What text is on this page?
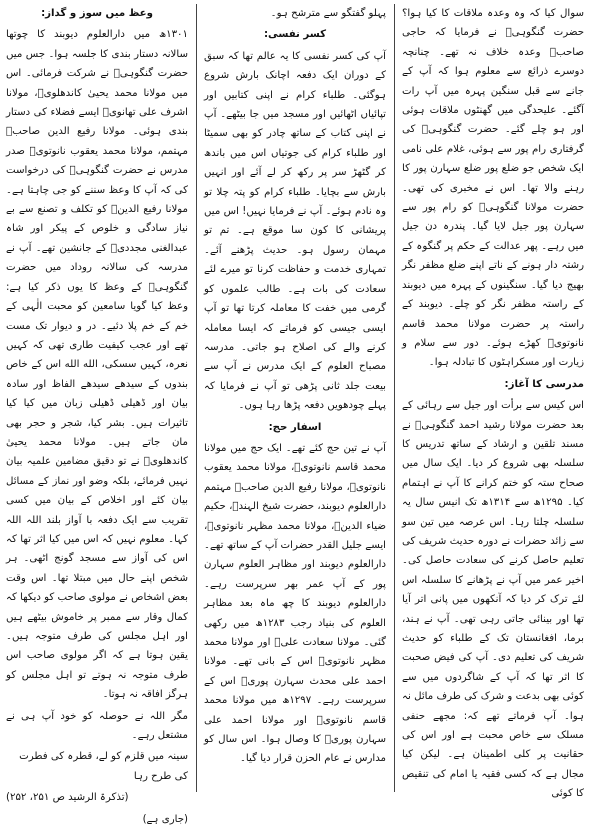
سوال کیا کہ وہ وعدہ ملاقات کا کیا ہوا؟ حضرت گنگوہیؒ نے فرمایا کہ حاجی صاحبؒ وعدہ خلاف نہ تھے۔ چنانچہ دوسرے ذرائع سے معلوم ہوا کہ آپ کے جانے سے قبل سنگین پہرہ میں آپ رات آگئے۔ علیحدگی میں گھنٹوں ملاقات ہوئی اور ہو چلے گئے۔ حضرت گنگوہیؒ کی گرفتاری رام پور سے ہوئی، غلام علی نامی ایک شخص جو ضلع پور ضلع سہارن پور کا رہنے والا تھا۔ اس نے مخبری کی تھی۔ حضرت مولانا گنگوہیؒ کو رام پور سے سہارن پور جیل لایا گیا۔ پندرہ دن جیل میں رہے۔ پھر عدالت کے حکم پر گنگوہ کے رشتہ دار ہونے کے ناتے اپنے ضلع مظفر نگر بھیج دیا گیا۔ سنگینوں کے پہرہ میں دیوبند کے راستہ مظفر نگر کو چلے۔ دیوبند کے راستہ پر حضرت مولانا محمد قاسم نانوتویؒ کھڑے ہوئے۔ دور سے سلام و زیارت اور مسکراہٹوں کا تبادلہ ہوا۔

مدرسی کا آغاز:

اس کیس سے برأت اور جیل سے رہائی کے بعد حضرت مولانا رشید احمد گنگوہیؒ نے مسند تلقین و ارشاد کے ساتھ تدریس کا سلسلہ بھی شروع کر دیا۔ ایک سال میں صحاح ستہ کو ختم کرانے کا آپ نے اہتمام کیا۔ ۱۲۹۵ھ سے ۱۳۱۴ھ تک انیس سال یہ سلسلہ چلتا رہا۔ اس عرصہ میں تین سو سے زائد حضرات نے دورہ حدیث شریف کی تعلیم حاصل کرنے کی سعادت حاصل کی۔ اخیر عمر میں آپ نے پڑھانے کا سلسلہ اس لئے ترک کر دیا کہ آنکھوں میں پانی اتر آیا تھا اور بینائی جاتی رہی تھی۔ آپ نے ہند، برما، افغانستان تک کے طلباء کو حدیث شریف کی تعلیم دی۔ آپ کی فیض صحبت کا اثر تھا کہ آپ کے شاگردوں میں سے کوئی بھی بدعت و شرک کی طرف مائل نہ ہوا۔ آپ فرماتے تھے کہ: مجھے حنفی مسلک سے خاص محبت ہے اور اس کی حقانیت پر کلی اطمینان ہے۔ لیکن کیا مجال ہے کہ کسی فقیہ یا امام کی تنقیص کا کوئی

پہلو گفتگو سے مترشح ہو۔

کسر نفسی:

آپ کی کسر نفسی کا یہ عالم تھا کہ سبق کے دوران ایک دفعہ اچانک بارش شروع ہوگئی۔ طلباء کرام نے اپنی کتابیں اور تپائیاں اٹھائیں اور مسجد میں جا بیٹھے۔ آپ نے اپنی کتاب کے ساتھ چادر کو بھی سمیٹا اور طلباء کرام کی جوتیاں اس میں باندھ کر گٹھڑ سر پر رکھ کر لے آئے اور انہیں بارش سے بچایا۔ طلباء کرام کو پتہ چلا تو وہ نادم ہوئے۔ آپ نے فرمایا نہیں! اس میں پریشانی کا کون سا موقع ہے۔ تم تو مہمان رسول ہو۔ حدیث پڑھنے آئے۔ تمہاری خدمت و حفاظت کرنا تو میرے لئے سعادت کی بات ہے۔ طالب علموں کو گرمی میں خفت کا معاملہ کرتا تھا تو آپ ایسی جیسی کو فرماتے کہ ایسا معاملہ کرنے والے کی اصلاح ہو جاتی۔ مدرسہ مصباح العلوم کے ایک مدرس نے آپ سے بیعت جلد ثانی پڑھی تو آپ نے فرمایا کہ پہلے چودھویں دفعہ پڑھا رہا ہوں۔

اسفار حج:

آپ نے تین حج کئے تھے۔ ایک حج میں مولانا محمد قاسم نانوتویؒ، مولانا محمد یعقوب نانوتویؒ، مولانا رفیع الدین صاحبؒ مہتمم دارالعلوم دیوبند، حضرت شیخ الہندؒ، حکیم ضیاء الدینؒ، مولانا محمد مظہر نانوتویؒ، ایسے جلیل القدر حضرات آپ کے ساتھ تھے۔ دارالعلوم دیوبند اور مظاہر العلوم سہارن پور کے آپ عمر بھر سرپرست رہے۔ دارالعلوم دیوبند کا چھ ماہ بعد مظاہر العلوم کی بنیاد رجب ۱۲۸۳ھ میں رکھی گئی۔ مولانا سعادت علیؒ اور مولانا محمد مظہر نانوتویؒ اس کے بانی تھے۔ مولانا احمد علی محدث سہارن پوریؒ اس کے سرپرست رہے۔ ۱۲۹۷ھ میں مولانا محمد قاسم نانوتویؒ اور مولانا احمد علی سہارن پوریؒ کا وصال ہوا۔ اس سال کو مدارس نے عام الحزن قرار دیا گیا۔

وعظ میں سوز و گداز:

۱۳۰۱ھ میں دارالعلوم دیوبند کا چوتھا سالانہ دستار بندی کا جلسہ ہوا۔ جس میں حضرت گنگوہیؒ نے شرکت فرمائی۔ اس میں مولانا محمد یحییٰ کاندھلویؒ، مولانا اشرف علی تھانویؒ ایسے فضلاء کی دستار بندی ہوئی۔ مولانا رفیع الدین صاحبؒ مہتمم، مولانا محمد یعقوب نانوتویؒ صدر مدرس نے حضرت گنگوہیؒ کی درخواست کی کہ آپ کا وعظ سننے کو جی چاہتا ہے۔ مولانا رفیع الدینؒ کو تکلف و تصنع سے بے نیاز سادگی و خلوص کے پیکر اور شاہ عبدالغنی مجددیؒ کے جانشین تھے۔ آپ نے مدرسہ کی سالانہ روداد میں حضرت گنگوہیؒ کے وعظ کا یوں ذکر کیا ہے: وعظ کیا گویا سامعین کو محبت الٰہی کے خم کے خم پلا دئیے۔ در و دیوار تک مست تھے اور عجب کیفیت طاری تھی کہ کہیں نعرہ، کہیں سسکی، الله الله اس کے خاص بندوں کے سیدھے سیدھے الفاظ اور سادہ بیان اور ڈھیلی ڈھیلی زبان میں کیا کیا تاثیرات ہیں۔ بشر کیا، شجر و حجر بھی مان جاتے ہیں۔ مولانا محمد یحییٰ کاندھلویؒ نے تو دقیق مضامین علمیہ بیان نہیں فرمائے، بلکہ وضو اور نماز کے مسائل بیان کئے اور اخلاص کے بیان میں کسی تقریب سے ایک دفعہ با آواز بلند اللہ اللہ کہا۔ معلوم نہیں کہ اس میں کیا اثر تھا کہ اس کی آواز سے مسجد گونج اٹھی۔ ہر شخص اپنے حال میں مبتلا تھا۔ اس وقت بعض اشخاص نے مولوی صاحب کو دیکھا کہ کمال وقار سے ممبر پر خاموش بیٹھے ہیں اور اہل مجلس کی طرف متوجہ ہیں۔ یقین ہوتا ہے کہ اگر مولوی صاحب اس طرف متوجہ نہ ہوتے تو اہل مجلس کو ہرگز افاقہ نہ ہوتا۔

مگر اللہ نے حوصلہ کو خود آپ ہی نے مشتعل رہے۔

سینہ میں قلزم کو لے، قطرہ کی فطرت کی طرح رہا

(تذکرۃ الرشید ص ۲۵۱، ۲۵۲)

(جاری ہے)
